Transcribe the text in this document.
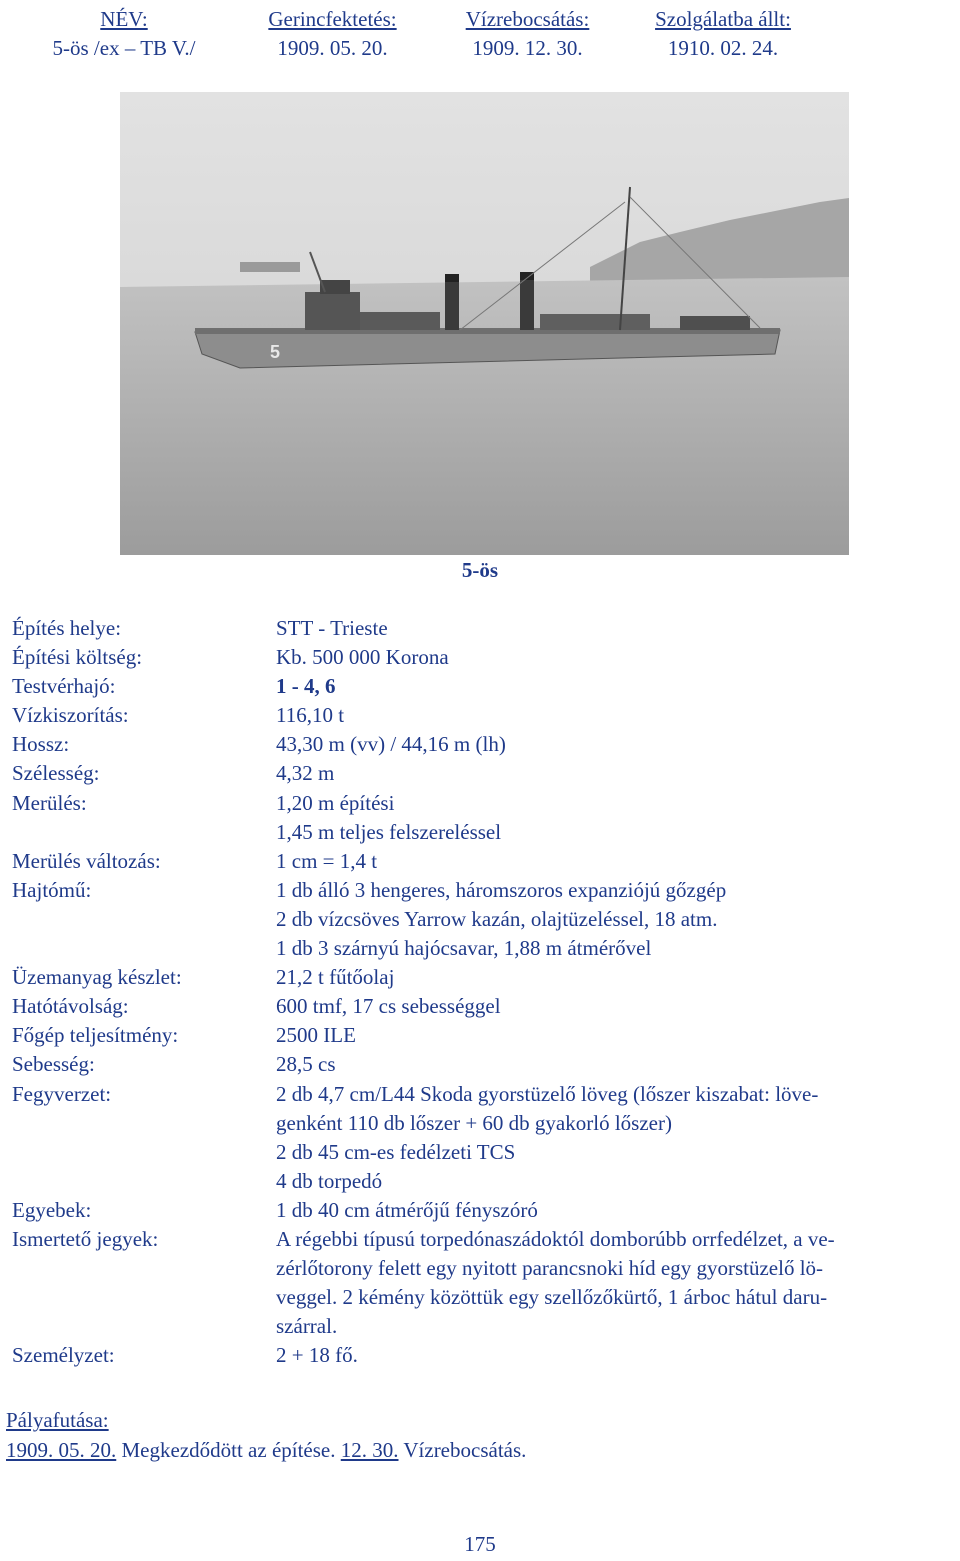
NÉV:
5-ös /ex – TB V./
Gerincfektetés:
1909. 05. 20.
Vízrebocsátás:
1909. 12. 30.
Szolgálatba állt:
1910. 02. 24.
5
5-ös
Építés helye:	STT - Trieste
Építési költség:	Kb. 500 000 Korona
Testvérhajó:	1 - 4, 6
Vízkiszorítás:	116,10 t
Hossz:	43,30 m (vv) / 44,16 m (lh)
Szélesség:	4,32 m
Merülés:	1,20 m építési
1,45 m teljes felszereléssel
Merülés változás:	1 cm = 1,4 t
Hajtómű:	1 db álló 3 hengeres, háromszoros expanziójú gőzgép
2 db vízcsöves Yarrow kazán, olajtüzeléssel, 18 atm.
1 db 3 szárnyú hajócsavar, 1,88 m átmérővel
Üzemanyag készlet:	21,2 t fűtőolaj
Hatótávolság:	600 tmf, 17 cs sebességgel
Főgép teljesítmény:	2500 ILE
Sebesség:	28,5 cs
Fegyverzet:	2 db 4,7 cm/L44 Skoda gyorstüzelő löveg (lőszer kiszabat: löve-
genként 110 db lőszer + 60 db gyakorló lőszer)
2 db 45 cm-es fedélzeti TCS
4 db torpedó
Egyebek:	1 db 40 cm átmérőjű fényszóró
Ismertető jegyek:	A régebbi típusú torpedónaszádoktól domborúbb orrfedélzet, a ve-
zérlőtorony felett egy nyitott parancsnoki híd egy gyorstüzelő lö-
veggel. 2 kémény közöttük egy szellőzőkürtő, 1 árboc hátul daru-
szárral.
Személyzet:	2 + 18 fő.
Pályafutása:
1909. 05. 20. Megkezdődött az építése. 12. 30. Vízrebocsátás.
175
